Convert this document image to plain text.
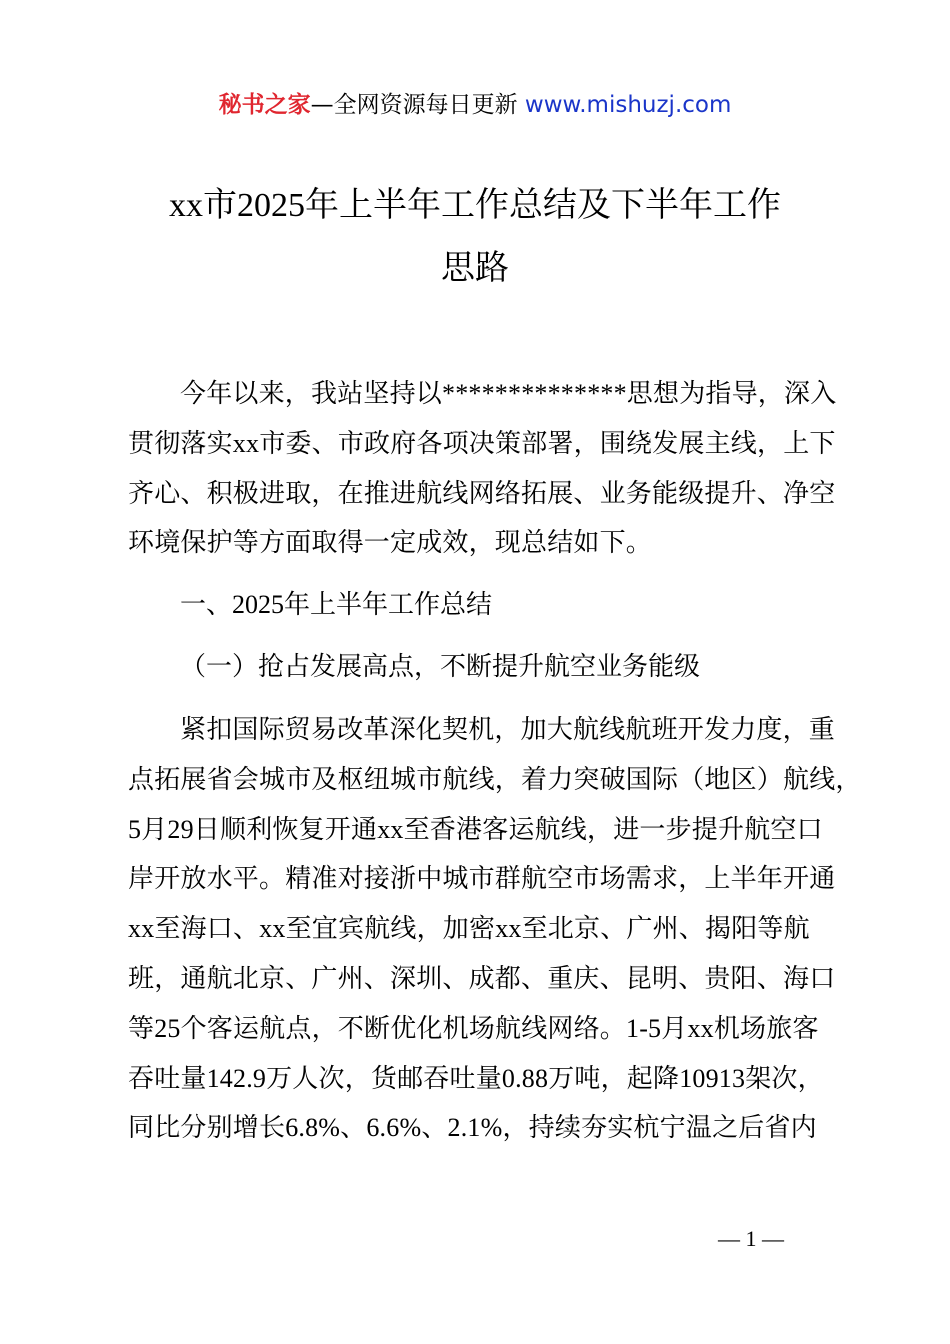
秘书之家—全网资源每日更新 www.mishuzj.com
xx市2025年上半年工作总结及下半年工作
思路
今年以来，我站坚持以**************思想为指导，深入
贯彻落实xx市委、市政府各项决策部署，围绕发展主线，上下
齐心、积极进取，在推进航线网络拓展、业务能级提升、净空
环境保护等方面取得一定成效，现总结如下。
一、2025年上半年工作总结
（一）抢占发展高点，不断提升航空业务能级
紧扣国际贸易改革深化契机，加大航线航班开发力度，重
点拓展省会城市及枢纽城市航线，着力突破国际（地区）航线，
5月29日顺利恢复开通xx至香港客运航线，进一步提升航空口
岸开放水平。精准对接浙中城市群航空市场需求，上半年开通
xx至海口、xx至宜宾航线，加密xx至北京、广州、揭阳等航
班，通航北京、广州、深圳、成都、重庆、昆明、贵阳、海口
等25个客运航点，不断优化机场航线网络。1-5月xx机场旅客
吞吐量142.9万人次，货邮吞吐量0.88万吨，起降10913架次，
同比分别增长6.8%、6.6%、2.1%，持续夯实杭宁温之后省内
— 1 —
